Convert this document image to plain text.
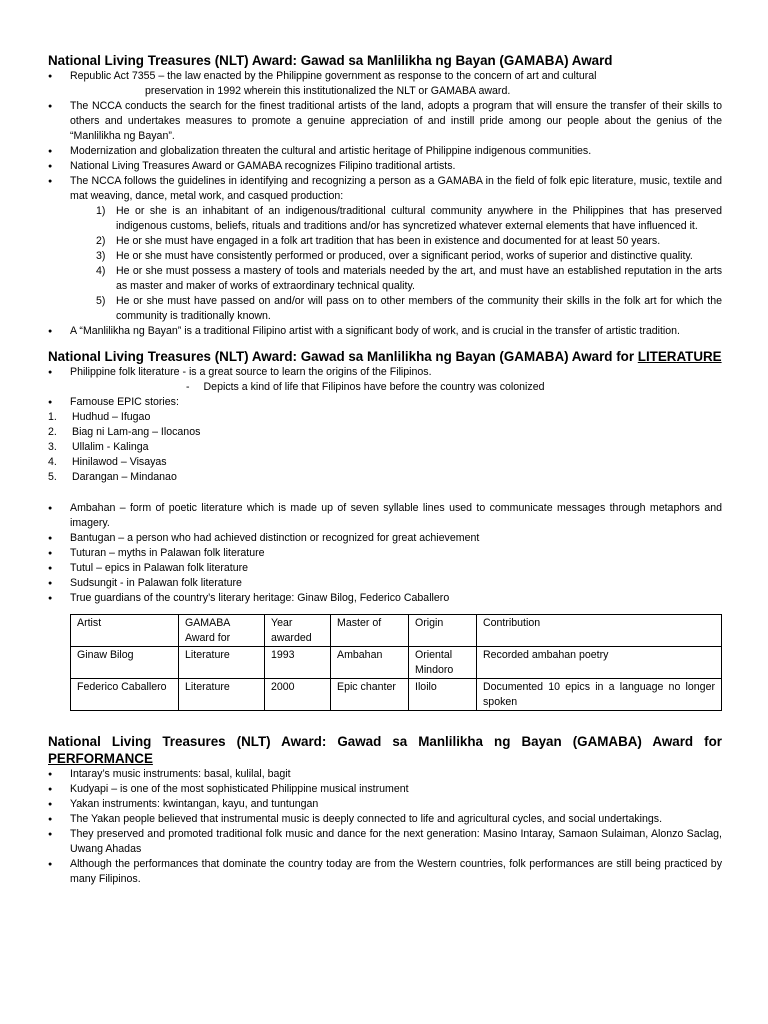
National Living Treasures (NLT) Award: Gawad sa Manlilikha ng Bayan (GAMABA) Award
● Republic Act 7355 – the law enacted by the Philippine government as response to the concern of art and cultural
preservation in 1992 wherein this institutionalized the NLT or GAMABA award.
● The NCCA conducts the search for the finest traditional artists of the land, adopts a program that will ensure the transfer of their skills to others and undertakes measures to promote a genuine appreciation of and instill pride among our people about the genius of the “Manlilikha ng Bayan”.
● Modernization and globalization threaten the cultural and artistic heritage of Philippine indigenous communities.
● National Living Treasures Award or GAMABA recognizes Filipino traditional artists.
● The NCCA follows the guidelines in identifying and recognizing a person as a GAMABA in the field of folk epic literature, music, textile and mat weaving, dance, metal work, and casqued production:
1) He or she is an inhabitant of an indigenous/traditional cultural community anywhere in the Philippines that has preserved indigenous customs, beliefs, rituals and traditions and/or has syncretized whatever external elements that have influenced it.
2) He or she must have engaged in a folk art tradition that has been in existence and documented for at least 50 years.
3) He or she must have consistently performed or produced, over a significant period, works of superior and distinctive quality.
4) He or she must possess a mastery of tools and materials needed by the art, and must have an established reputation in the arts as master and maker of works of extraordinary technical quality.
5) He or she must have passed on and/or will pass on to other members of the community their skills in the folk art for which the community is traditionally known.
● A “Manlilikha ng Bayan” is a traditional Filipino artist with a significant body of work, and is crucial in the transfer of artistic tradition.
National Living Treasures (NLT) Award: Gawad sa Manlilikha ng Bayan (GAMABA) Award for LITERATURE
● Philippine folk literature - is a great source to learn the origins of the Filipinos.
- Depicts a kind of life that Filipinos have before the country was colonized
● Famouse EPIC stories:
1. Hudhud – Ifugao
2. Biag ni Lam-ang – Ilocanos
3. Ullalim - Kalinga
4. Hinilawod – Visayas
5. Darangan – Mindanao
● Ambahan – form of poetic literature which is made up of seven syllable lines used to communicate messages through metaphors and imagery.
● Bantugan – a person who had achieved distinction or recognized for great achievement
● Tuturan – myths in Palawan folk literature
● Tutul – epics in Palawan folk literature
● Sudsungit - in Palawan folk literature
● True guardians of the country’s literary heritage: Ginaw Bilog, Federico Caballero
Artist	GAMABA Award for	Year awarded	Master of	Origin	Contribution
Ginaw Bilog	Literature	1993	Ambahan	Oriental Mindoro	Recorded ambahan poetry
Federico Caballero	Literature	2000	Epic chanter	Iloilo	Documented 10 epics in a language no longer spoken
National Living Treasures (NLT) Award: Gawad sa Manlilikha ng Bayan (GAMABA) Award for PERFORMANCE
● Intaray’s music instruments: basal, kulilal, bagit
● Kudyapi – is one of the most sophisticated Philippine musical instrument
● Yakan instruments: kwintangan, kayu, and tuntungan
● The Yakan people believed that instrumental music is deeply connected to life and agricultural cycles, and social undertakings.
● They preserved and promoted traditional folk music and dance for the next generation: Masino Intaray, Samaon Sulaiman, Alonzo Saclag, Uwang Ahadas
● Although the performances that dominate the country today are from the Western countries, folk performances are still being practiced by many Filipinos.
